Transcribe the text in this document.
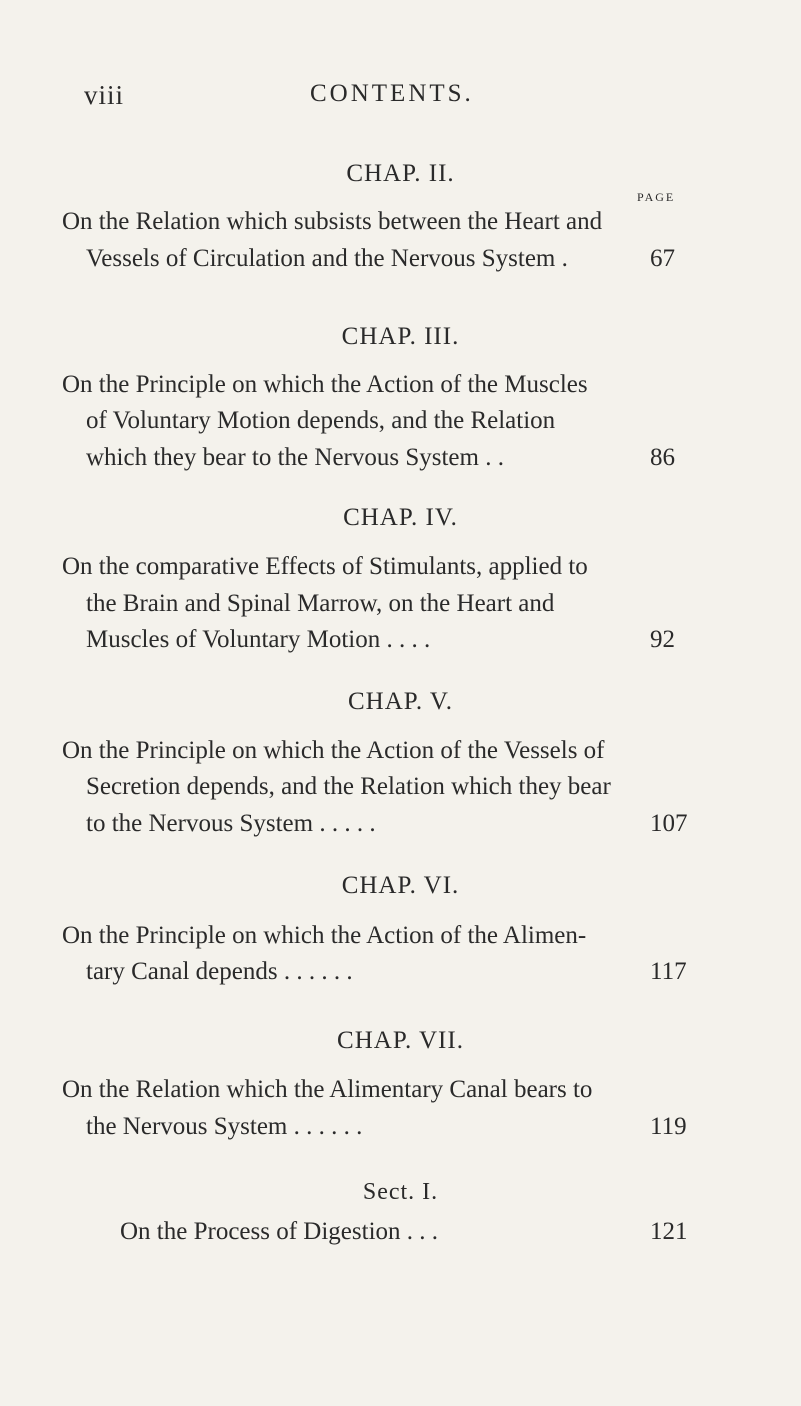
viii	CONTENTS.
PAGE
CHAP. II.
On the Relation which subsists between the Heart and
Vessels of Circulation and the Nervous System .	67
CHAP. III.
On the Principle on which the Action of the Muscles
of Voluntary Motion depends, and the Relation
which they bear to the Nervous System . .	86
CHAP. IV.
On the comparative Effects of Stimulants, applied to
the Brain and Spinal Marrow, on the Heart and
Muscles of Voluntary Motion . . . .	92
CHAP. V.
On the Principle on which the Action of the Vessels of
Secretion depends, and the Relation which they bear
to the Nervous System . . . . .	107
CHAP. VI.
On the Principle on which the Action of the Alimen-
tary Canal depends . . . . . .	117
CHAP. VII.
On the Relation which the Alimentary Canal bears to
the Nervous System . . . . . .	119
Sect. I.
On the Process of Digestion . . .	121
